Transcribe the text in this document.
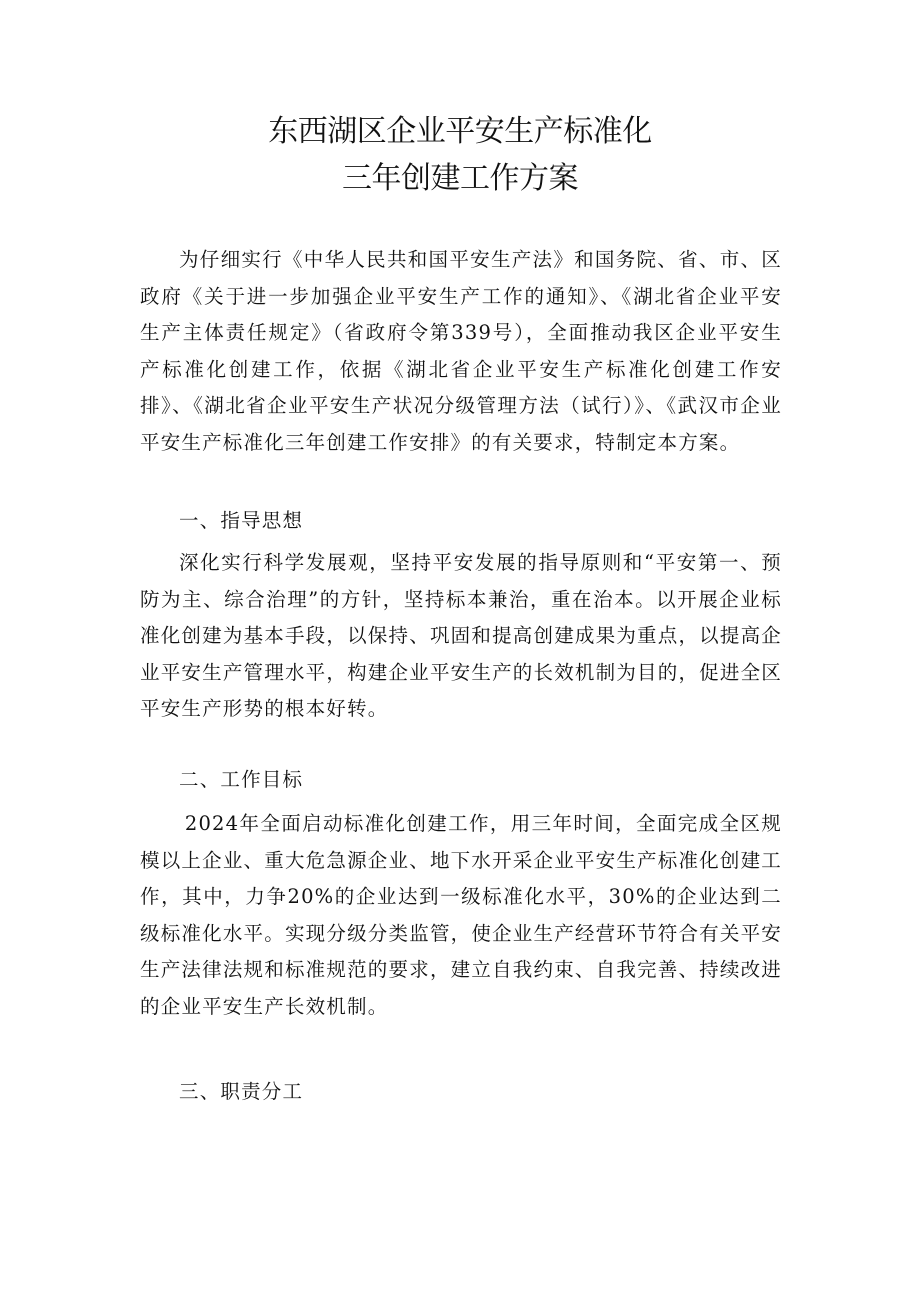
东西湖区企业平安生产标准化
三年创建工作方案

为仔细实行《中华人民共和国平安生产法》和国务院、省、市、区政府《关于进一步加强企业平安生产工作的通知》、《湖北省企业平安生产主体责任规定》（省政府令第339号），全面推动我区企业平安生产标准化创建工作，依据《湖北省企业平安生产标准化创建工作安排》、《湖北省企业平安生产状况分级管理方法（试行）》、《武汉市企业平安生产标准化三年创建工作安排》的有关要求，特制定本方案。

一、指导思想

深化实行科学发展观，坚持平安发展的指导原则和“平安第一、预防为主、综合治理”的方针，坚持标本兼治，重在治本。以开展企业标准化创建为基本手段，以保持、巩固和提高创建成果为重点，以提高企业平安生产管理水平，构建企业平安生产的长效机制为目的，促进全区平安生产形势的根本好转。

二、工作目标

2024年全面启动标准化创建工作，用三年时间，全面完成全区规模以上企业、重大危急源企业、地下水开采企业平安生产标准化创建工作，其中，力争20%的企业达到一级标准化水平，30%的企业达到二级标准化水平。实现分级分类监管，使企业生产经营环节符合有关平安生产法律法规和标准规范的要求，建立自我约束、自我完善、持续改进的企业平安生产长效机制。

三、职责分工
